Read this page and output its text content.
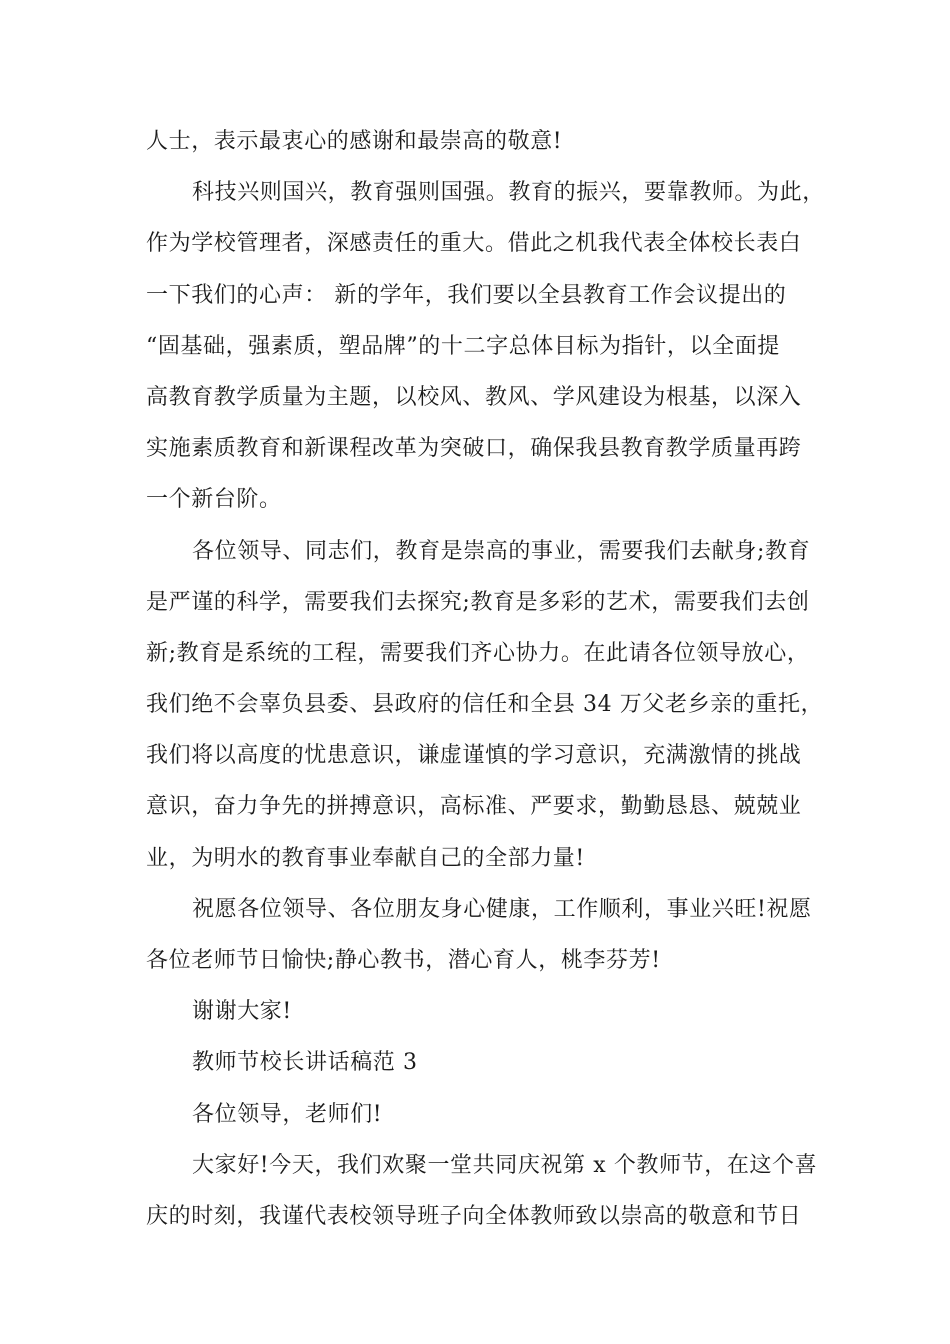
人士，表示最衷心的感谢和最崇高的敬意!
科技兴则国兴，教育强则国强。教育的振兴，要靠教师。为此，
作为学校管理者，深感责任的重大。借此之机我代表全体校长表白
一下我们的心声： 新的学年，我们要以全县教育工作会议提出的
“固基础，强素质，塑品牌”的十二字总体目标为指针，以全面提
高教育教学质量为主题，以校风、教风、学风建设为根基，以深入
实施素质教育和新课程改革为突破口，确保我县教育教学质量再跨
一个新台阶。
各位领导、同志们，教育是崇高的事业，需要我们去献身;教育
是严谨的科学，需要我们去探究;教育是多彩的艺术，需要我们去创
新;教育是系统的工程，需要我们齐心协力。在此请各位领导放心，
我们绝不会辜负县委、县政府的信任和全县 34 万父老乡亲的重托，
我们将以高度的忧患意识，谦虚谨慎的学习意识，充满激情的挑战
意识，奋力争先的拼搏意识，高标准、严要求，勤勤恳恳、兢兢业
业，为明水的教育事业奉献自己的全部力量!
祝愿各位领导、各位朋友身心健康，工作顺利，事业兴旺!祝愿
各位老师节日愉快;静心教书，潜心育人，桃李芬芳!
谢谢大家!
教师节校长讲话稿范 3
各位领导，老师们!
大家好!今天，我们欢聚一堂共同庆祝第 x 个教师节，在这个喜
庆的时刻，我谨代表校领导班子向全体教师致以崇高的敬意和节日
